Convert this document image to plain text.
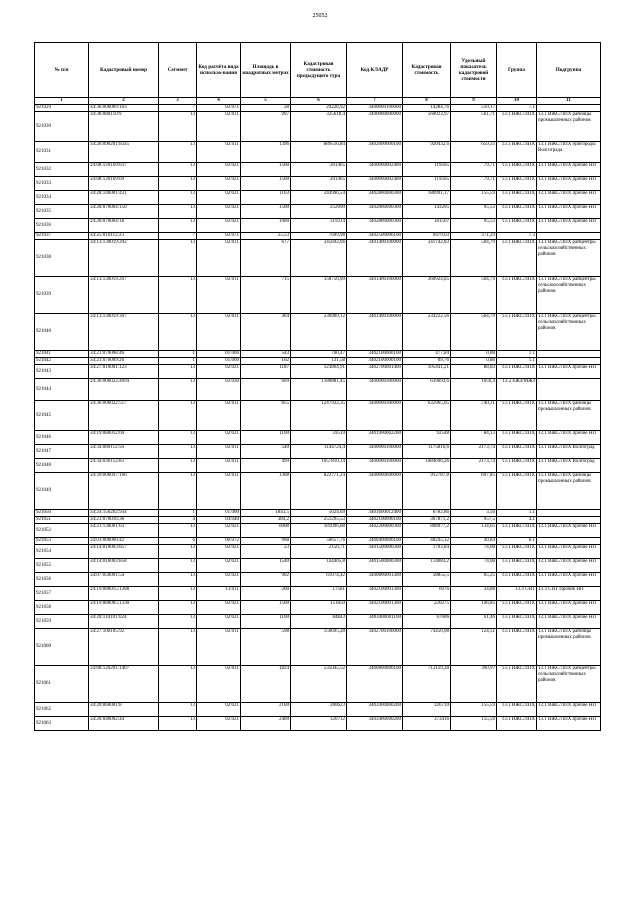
25052
№ п/п	Кадастровый номер	Сегмент	Код расчёта вида использо-вания	Площадь в квадратных метрах	Кадастровая стоимость предыдущего тура	Код КЛАДР	Кадастровая стоимость	Удельный показатель кадастровой стоимости	Группа	Подгруппа
1	2	3	4	5	6	7	8	9	10	11
921029	34:36:000009:103	7	02:071	28	29228,92	3400000100000	14284,76	510,17	7.1	
921030	34:38:080110:9	13	02:011	997	325618,4	3400000000000	560023,97	561,71	13.1 ИЖС/ЛПХ	13.1 ИЖС/ЛПХ районцы промышленных районов
921031	34:26:090201:8345	13	02:011	1396	889516,84	3402600000100	920432,6	659,33	13.1 ИЖС/ЛПХ	13.1 ИЖС/ЛПХ пригороды Волгограда
921032	34:08:120109:637	13	02:021	1500	201465	3400000002400	119565	79,71	13.1 ИЖС/ЛПХ	13.1 ИЖС/ЛПХ прочие НП
921033	34:08:120109:69	13	02:021	1500	201465	3400000002400	119565	79,71	13.1 ИЖС/ЛПХ	13.1 ИЖС/ЛПХ прочие НП
921034	34:28:140001:431	13	02:021	1163	244996,54	3402800000300	180991,17	155,59	13.1 ИЖС/ЛПХ	13.1 ИЖС/ЛПХ прочие НП
921035	34:28:070004:150	13	02:021	1500	252090	3402800000300	143295	95,53	13.1 ИЖС/ЛПХ	13.1 ИЖС/ЛПХ прочие НП
921036	34:28:070004:18	13	02:021	1900	319314	3402800000300	181507	95,53	13.1 ИЖС/ЛПХ	13.1 ИЖС/ЛПХ прочие НП
921037	34:25:010112:23	7	02:071	25,53	7609,98	3402500000100	9479,03	371,29	7.3	
921038	34:13:130019:292	13	02:011	677	345692,66	3401400100000	341742,83	504,79	13.1 ИЖС/ЛПХ	13.1 ИЖС/ЛПХ райцентры сельскохозяйственных районов
921039	34:13:130019:297	13	02:011	715	358756,99	3401400100000	360924,85	504,79	13.1 ИЖС/ЛПХ	13.1 ИЖС/ЛПХ райцентры сельскохозяйственных районов
921040	34:13:130019:307	13	02:011	464	236909,12	3401400100000	234222,56	504,79	13.1 ИЖС/ЛПХ	13.1 ИЖС/ЛПХ райцентры сельскохозяйственных районов
921041	34:21:070008:46	1	01:000	543	700,47	3402100000100	477,84	0,88	1.1	
921042	34:21:070009:26	1	01:000	102	131,58	3402100000100	89,76	0,88	1.1	
921043	34:27:010001:123	13	02:021	1187	123864,91	3402700001400	105441,21	88,83	13.1 ИЖС/ЛПХ	13.1 ИЖС/ЛПХ прочие НП
921044	34:36:000022:4094	13	02:030	609	1180881,45	3400000300000	639693,6	1050,4	13.2 ЕЖЗ/МЖЗ	
921045	34:36:000022:517	13	02:011	855	1247932,35	3400000300000	632965,05	740,31	13.1 ИЖС/ЛПХ	13.1 ИЖС/ЛПХ районцы промышленных районов
921046	34:19:080012:69	13	02:021	1100	59510	3401900002200	92548	84,13	13.1 ИЖС/ЛПХ	13.1 ИЖС/ЛПХ прочие НП
921047	34:34:080112:50	13	02:011	540	1144724,4	3400000100000	1175816,6	2173,74	13.1 ИЖС/ЛПХ	13.1 ИЖС/ЛПХ Волгоград
921048	34:34:030112:83	13	02:011	499	1057810,14	3400000100000	1084696,26	2173,74	13.1 ИЖС/ЛПХ	13.1 ИЖС/ЛПХ Волгоград
921049	34:39:000047:166	13	02:011	1308	822771,24	3400000600000	912787,8	697,85	13.1 ИЖС/ЛПХ	13.1 ИЖС/ЛПХ районцы промышленных районов
921050	34:24:150202:934	1	01:000	1843,5	5024,69	3401600012400	6782,86	3,56	1.1	
921051	34:21:070016:36	4	04:040	384,2	251295,53	3402100000100	367871,2	957,5	4.1	
921052	34:21:130001:63	13	02:021	6008	181096,88	3402200000300	808977,2	134,65	13.1 ИЖС/ЛПХ	13.1 ИЖС/ЛПХ прочие НП
921053	34:03:000000:42	6	06:072	968	50657,76	3400400000100	48245,12	49,84	6.1	
921054	34:14:010003:857	13	02:021	23	2156,71	3401500000300	1703,84	74,08	13.1 ИЖС/ЛПХ	13.1 ИЖС/ЛПХ прочие НП
921055	34:14:010003:858	13	02:021	1540	144405,8	3401500000300	114083,2	74,08	13.1 ИЖС/ЛПХ	13.1 ИЖС/ЛПХ прочие НП
921056	34:07:050001:54	13	02:021	902	61074,42	3400800001300	58855,5	65,25	13.1 ИЖС/ЛПХ	13.1 ИЖС/ЛПХ прочие НП
921057	34:19:080015:1288	13	13:011	200	17581	3402100001300	6976	34,88	13.3 СНТ	13.3 СНТ Прочие НП
921058	34:19:080005:1330	13	02:021	1500	151850	3402100001300	220275	146,85	13.1 ИЖС/ЛПХ	13.1 ИЖС/ЛПХ прочие НП
921059	34:20:110101:624	13	02:021	1100	84843	3403400001100	67606	61,46	13.1 ИЖС/ЛПХ	13.1 ИЖС/ЛПХ прочие НП
921060	34:27:100105:92	13	02:011	598	156695,28	3402700100000	74456,98	124,51	13.1 ИЖС/ЛПХ	13.1 ИЖС/ЛПХ районцы промышленных районов
921061	34:08:120201:1407	13	02:011	1824	535045,52	3400800000100	713129,28	390,97	13.1 ИЖС/ЛПХ	13.1 ИЖС/ЛПХ райцентры сельскохозяйственных районов
921062	34:20:060001:8	13	02:021	2100	280623	3403400000200	326739	155,59	13.1 ИЖС/ЛПХ	13.1 ИЖС/ЛПХ прочие НП
921063	34:20:040002:44	13	02:021	2400	320712	3403400000200	373416	155,59	13.1 ИЖС/ЛПХ	13.1 ИЖС/ЛПХ прочие НП
